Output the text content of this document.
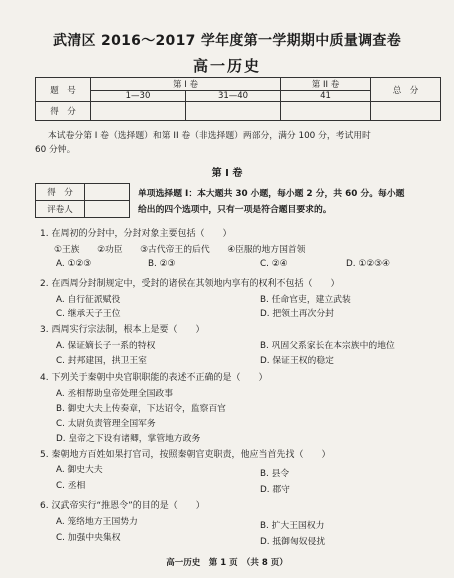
武清区 2016～2017 学年度第一学期期中质量调查卷
高一历史
题　号	第 I 卷		第 II 卷	总　分
	1—30	31—40	41	
得　分				
本试卷分第 I 卷（选择题）和第 II 卷（非选择题）两部分，满分 100 分，考试用时
60 分钟。
第 I 卷
得　分	
评卷人	
单项选择题 I：本大题共 30 小题，每小题 2 分，共 60 分。每小题
给出的四个选项中，只有一项是符合题目要求的。
1. 在周初的分封中，分封对象主要包括（　　）
①王族　　②功臣　　③古代帝王的后代　　④臣服的地方国首领
A. ①②③	B. ②③	C. ②④	D. ①②③④
2. 在西周分封制规定中，受封的诸侯在其领地内享有的权利不包括（　　）
A. 自行征派赋役	B. 任命官吏，建立武装
C. 继承天子王位	D. 把领土再次分封
3. 西周实行宗法制，根本上是要（　　）
A. 保证嫡长子一系的特权	B. 巩固父系家长在本宗族中的地位
C. 封邦建国，拱卫王室	D. 保证王权的稳定
4. 下列关于秦朝中央官职职能的表述不正确的是（　　）
A. 丞相帮助皇帝处理全国政事
B. 御史大夫上传奏章，下达诏令，监察百官
C. 太尉负责管理全国军务
D. 皇帝之下设有诸卿，掌管地方政务
5. 秦朝地方百姓如果打官司，按照秦朝官吏职责，他应当首先找（　　）
A. 御史大夫	B. 县令
C. 丞相	D. 郡守
6. 汉武帝实行“推恩令”的目的是（　　）
A. 笼络地方王国势力	B. 扩大王国权力
C. 加强中央集权	D. 抵御匈奴侵扰
高一历史　第 1 页　（共 8 页）
